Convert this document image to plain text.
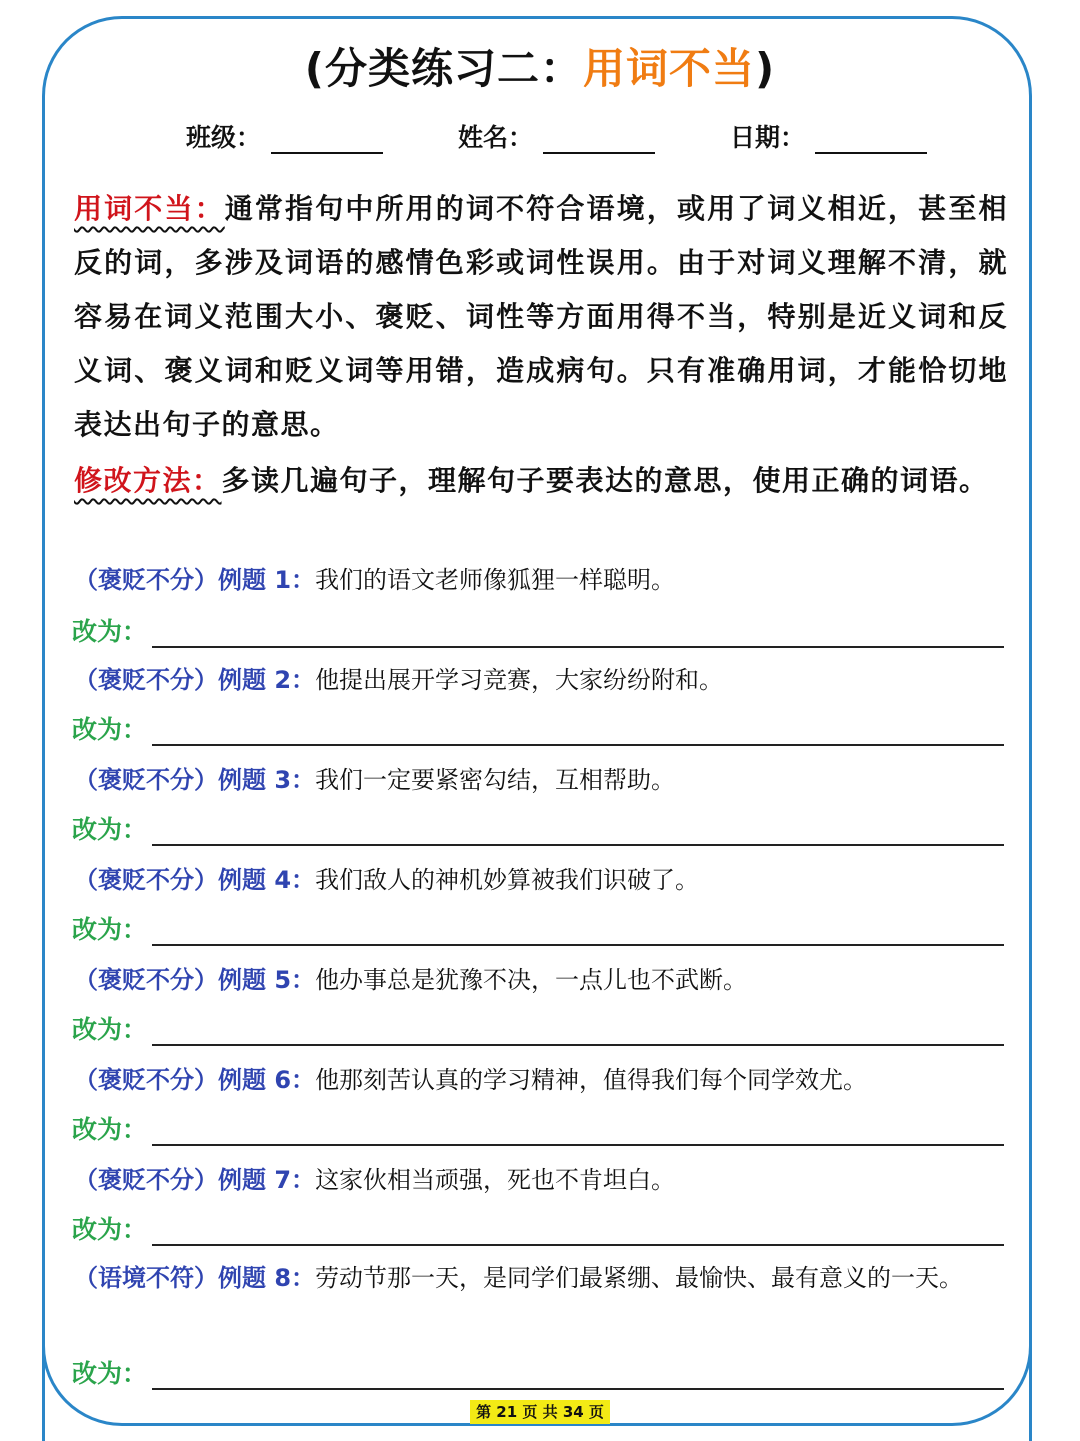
(分类练习二：用词不当)
班级：	姓名：	日期：
用词不当：通常指句中所用的词不符合语境，或用了词义相近，甚至相反的词，多涉及词语的感情色彩或词性误用。由于对词义理解不清，就容易在词义范围大小、褒贬、词性等方面用得不当，特别是近义词和反义词、褒义词和贬义词等用错，造成病句。只有准确用词，才能恰切地表达出句子的意思。
修改方法：多读几遍句子，理解句子要表达的意思，使用正确的词语。
（褒贬不分）例题 1：我们的语文老师像狐狸一样聪明。
改为：
（褒贬不分）例题 2：他提出展开学习竞赛，大家纷纷附和。
改为：
（褒贬不分）例题 3：我们一定要紧密勾结，互相帮助。
改为：
（褒贬不分）例题 4：我们敌人的神机妙算被我们识破了。
改为：
（褒贬不分）例题 5：他办事总是犹豫不决，一点儿也不武断。
改为：
（褒贬不分）例题 6：他那刻苦认真的学习精神，值得我们每个同学效尤。
改为：
（褒贬不分）例题 7：这家伙相当顽强，死也不肯坦白。
改为：
（语境不符）例题 8：劳动节那一天，是同学们最紧绷、最愉快、最有意义的一天。
改为：
第 21 页 共 34 页
